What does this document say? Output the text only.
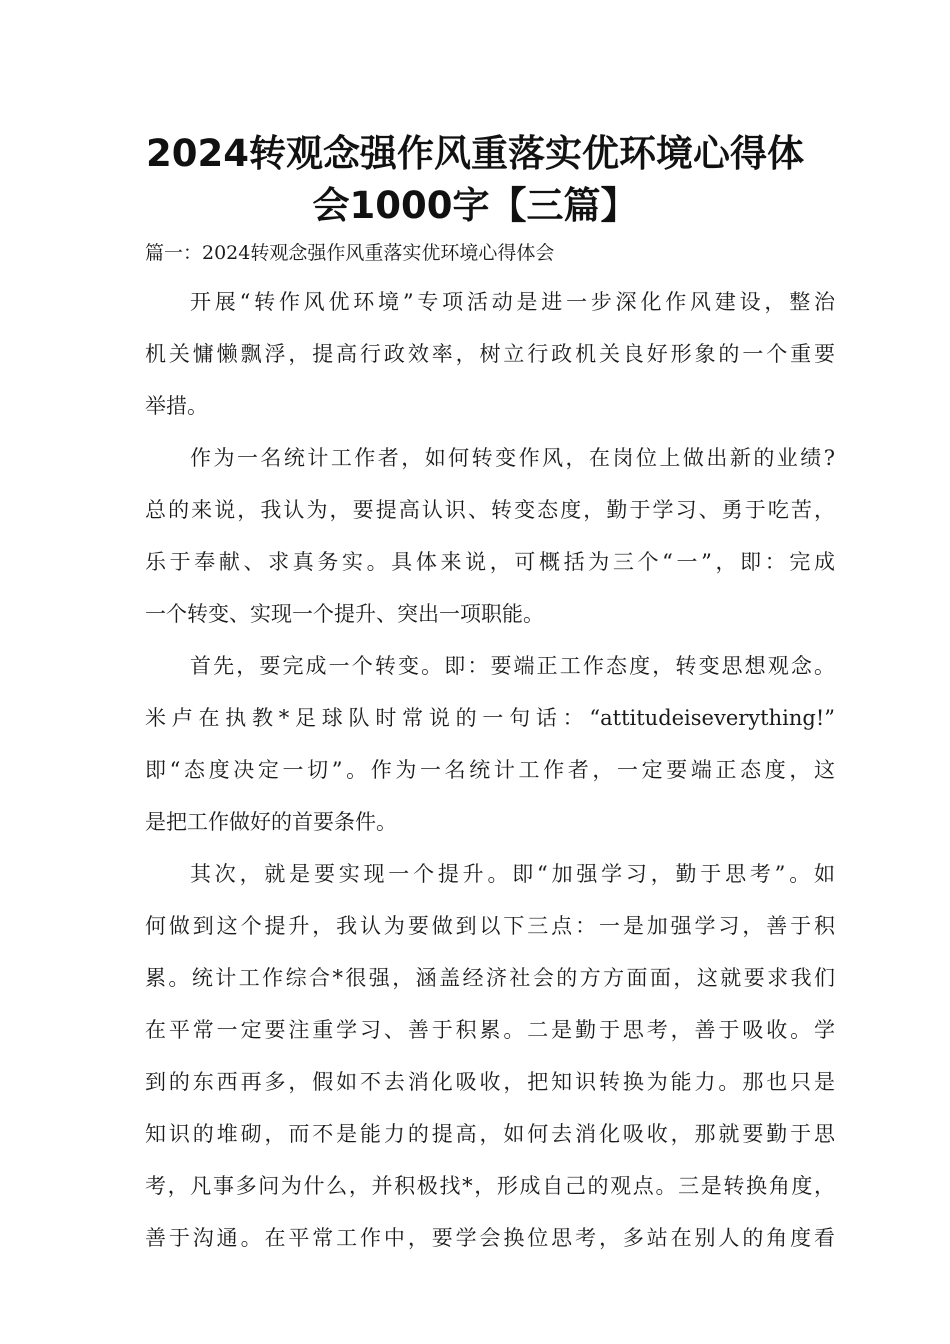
2024转观念强作风重落实优环境心得体
会1000字【三篇】
篇一：2024转观念强作风重落实优环境心得体会
开展“转作风优环境”专项活动是进一步深化作风建设，整治
机关慵懒飘浮，提高行政效率，树立行政机关良好形象的一个重要
举措。
作为一名统计工作者，如何转变作风，在岗位上做出新的业绩?
总的来说，我认为，要提高认识、转变态度，勤于学习、勇于吃苦，
乐于奉献、求真务实。具体来说，可概括为三个“一”，即：完成
一个转变、实现一个提升、突出一项职能。
首先，要完成一个转变。即：要端正工作态度，转变思想观念。
米卢在执教*足球队时常说的一句话：“attitudeiseverything!”
即“态度决定一切”。作为一名统计工作者，一定要端正态度，这
是把工作做好的首要条件。
其次，就是要实现一个提升。即“加强学习，勤于思考”。如
何做到这个提升，我认为要做到以下三点：一是加强学习，善于积
累。统计工作综合*很强，涵盖经济社会的方方面面，这就要求我们
在平常一定要注重学习、善于积累。二是勤于思考，善于吸收。学
到的东西再多，假如不去消化吸收，把知识转换为能力。那也只是
知识的堆砌，而不是能力的提高，如何去消化吸收，那就要勤于思
考，凡事多问为什么，并积极找*，形成自己的观点。三是转换角度，
善于沟通。在平常工作中，要学会换位思考，多站在别人的角度看
